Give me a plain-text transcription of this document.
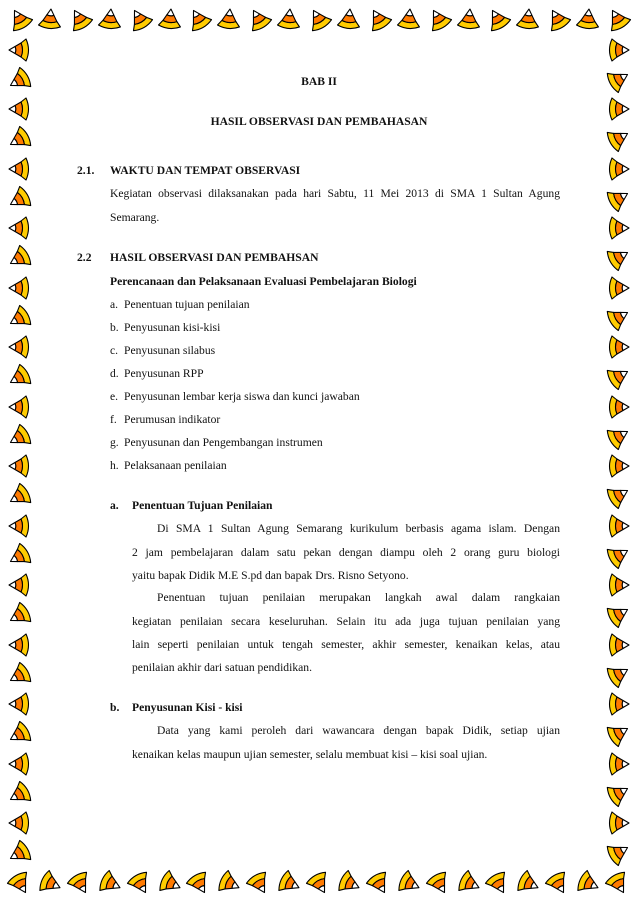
BAB II
HASIL OBSERVASI DAN PEMBAHASAN
2.1. WAKTU DAN TEMPAT OBSERVASI
Kegiatan observasi dilaksanakan pada hari Sabtu, 11 Mei 2013 di SMA 1 Sultan Agung
Semarang.
2.2 HASIL OBSERVASI DAN PEMBAHSAN
Perencanaan dan Pelaksanaan Evaluasi Pembelajaran Biologi
a. Penentuan tujuan penilaian
b. Penyusunan kisi-kisi
c. Penyusunan silabus
d. Penyusunan RPP
e. Penyusunan lembar kerja siswa dan kunci jawaban
f. Perumusan indikator
g. Penyusunan dan Pengembangan instrumen
h. Pelaksanaan penilaian
a. Penentuan Tujuan Penilaian
Di SMA 1 Sultan Agung Semarang kurikulum berbasis agama islam. Dengan
2 jam pembelajaran dalam satu pekan dengan diampu oleh 2 orang guru biologi
yaitu bapak Didik M.E S.pd dan bapak Drs. Risno Setyono.
Penentuan tujuan penilaian merupakan langkah awal dalam rangkaian
kegiatan penilaian secara keseluruhan. Selain itu ada juga tujuan penilaian yang
lain seperti penilaian untuk tengah semester, akhir semester, kenaikan kelas, atau
penilaian akhir dari satuan pendidikan.
b. Penyusunan Kisi - kisi
Data yang kami peroleh dari wawancara dengan bapak Didik, setiap ujian
kenaikan kelas maupun ujian semester, selalu membuat kisi – kisi soal ujian.
